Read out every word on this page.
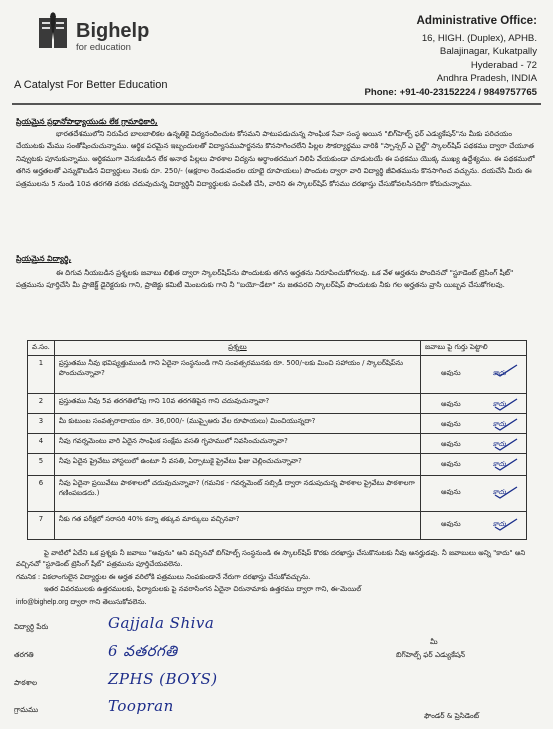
Bighelp
for education
Administrative Office:
16, HIGH. (Duplex), APHB.
Balajinagar, Kukatpally
Hyderabad - 72
Andhra Pradesh, INDIA
Phone: +91-40-23152224 / 9849757765
A Catalyst For Better Education
ప్రియమైన ప్రధానోపాధ్యాయుడు లేక గ్రామాధికారి,
భారతదేశములోని నిరుపేద బాలబాలికల ఉన్నతికై విద్యనందించుట కోసమని పాటుపడుచున్న సాంఘిక సేవా సంస్థ అయిన "బిగ్‌హెల్ప్ ఫర్ ఎడ్యుకేషన్"ను మీకు పరిచయం చేయుటకు మేము సంతోషించుచున్నాము. ఆర్థిక పరమైన ఇబ్బందులతో విద్యాసముపార్జనను కొనసాగించలేని పిల్లల సౌకర్యార్థము వారికి "స్పాన్సర్ ఎ చైల్డ్" స్కాలర్‌షిప్ పథకము ద్వారా చేయూత నివ్వుటకు పూనుకున్నాము. ఆర్థికముగా వెనుకబడిన లేక అనాథ పిల్లలు పాఠశాల విద్యను అర్థాంతరముగ నిలిపి వేయకుండా చూడుటయే ఈ పథకము యొక్క ముఖ్య ఉద్దేశ్యము. ఈ పథకములో తగిన అర్హతలతో ఎన్నుకొబడిన విద్యార్థులు నెలకు రూ. 250/- (అక్షరాల రెండువందల యాభై రూపాయలు) పొందుట ద్వారా వారి విద్యార్థి జీవితమును కొనసాగించ వచ్చును. దయచేసి మీరు ఈ పత్రములను 5 నుండి 10వ తరగతి వరకు చదువుచున్న విద్యార్థినీ విద్యార్థులకు పంపిణీ చేసి, వారిని ఈ స్కాలర్‌షిప్ కోసము దరఖాస్తు చేసుకోవలసినదిగా కోరుచున్నాము.
ప్రియమైన విద్యార్థి,
ఈ దిగువ నీయబడిన ప్రశ్నలకు జవాబు లిఖిత ద్వారా స్కాలర్‌షిప్‌ను పొందుటకు తగిన అర్హతను నిరూపించుకోగలవు. ఒక వేళ అర్హతను పొందినచో "స్టూడెంట్ ట్రెసింగ్ షీట్" పత్రమును పూర్తిచేసి మీ ప్రాజెక్ట్ డైరెక్టరుకు గాని, ప్రాజెక్టు కమిటీ మెంబరుకు గాని నీ "బయో-డేటా" ను జతపరచి స్కాలర్‌షిప్ పొందుటకు నీకు గల అర్హతను వ్రాసి యిబ్బవ చేసుకోగలవు.
వ.సం.	ప్రశ్నలు	జవాబు పై గుర్తు పెట్టాలి
1	ప్రస్తుతము నీవు భవిష్యత్తుముండి గాని ఏదైనా సంస్థనుండి గాని సంవత్సరమునకు రూ. 500/-లకు మించి సహాయం / స్కాలర్‌షిప్‌ను పొందుచున్నావా?	అవును కాదు

2	ప్రస్తుతము నీవు 5వ తరగతిలోపు గాని 10వ తరగతిపైన గాని చదువుచున్నావా?	అవును కాదు

3	మీ కుటుంబ సంవత్సరాదాయం రూ. 36,000/- (ముప్పైఆరు వేల రూపాయలు) మించియున్నదా?	అవును కాదు

4	నీవు గవర్నమెంటు వారి ఏదైన సాంఘిక సంక్షేమ వసతి గృహములో నివసించుచున్నావా?	అవును కాదు

5	నీవు ఏదైన ప్రైవేటు హాస్టలులో ఉంటూ నీ వసతి, ఏర్పాటుకై ప్రైవేటు ఫీజు చెల్లించుచున్నావా?	అవును కాదు

6	నీవు ఏదైనా ప్రయివేటు పాఠశాలలో చదువుచున్నావా? (గమనిక - గవర్నమెంట్ సబ్సిడీ ద్వారా నడుపుచున్న పాఠశాల ప్రైవేటు పాఠశాలగా గణింపబడదు.)	అవును కాదు

7	నీకు గత పరీక్షలో సరాసరి 40% కన్నా తక్కువ మార్కులు వచ్చినవా?	అవును కాదు
పై వాటిలో ఏదేని ఒక ప్రశ్నకు నీ జవాబు "అవును" అని వచ్చినచో బిగ్‌హెల్ప్ సంస్థనుండి ఈ స్కాలర్‌షిప్ కొరకు దరఖాస్తు చేసుకొనుటకు నీవు అనర్హుడవు. నీ జవాబులు అన్ని "కాదు" అని వచ్చినచో "స్టూడెంట్ ట్రెసింగ్ షీట్" పత్రమును పూర్తిచేయవలెను.
గమనిక : వికలాంగులైన విద్యార్థుల ఈ అర్హత వరిలోకి పత్రములు నింపకుండానే నేరుగా దరఖాస్తు చేసుకోవచ్చును.
ఇతర వివరములకు ఉత్తరములకు, ఫిర్యాదులకు పై నవరాసింగన ఏదైనా చిరునామాకు ఉత్తరము ద్వారా గాని, ఈ-మెయిల్
info@bighelp.org ద్వారా గాని తెలుసుకోవలెను.
విద్యార్థి పేరు	Gajjala Shiva
తరగతి	6 వతరగతి
పాఠశాల	ZPHS (BOYS)
గ్రామము	Toopran
మీ
బిగ్‌హెల్ప్ ఫర్ ఎడ్యుకేషన్
ఫౌండర్ & ప్రెసిడెంట్
